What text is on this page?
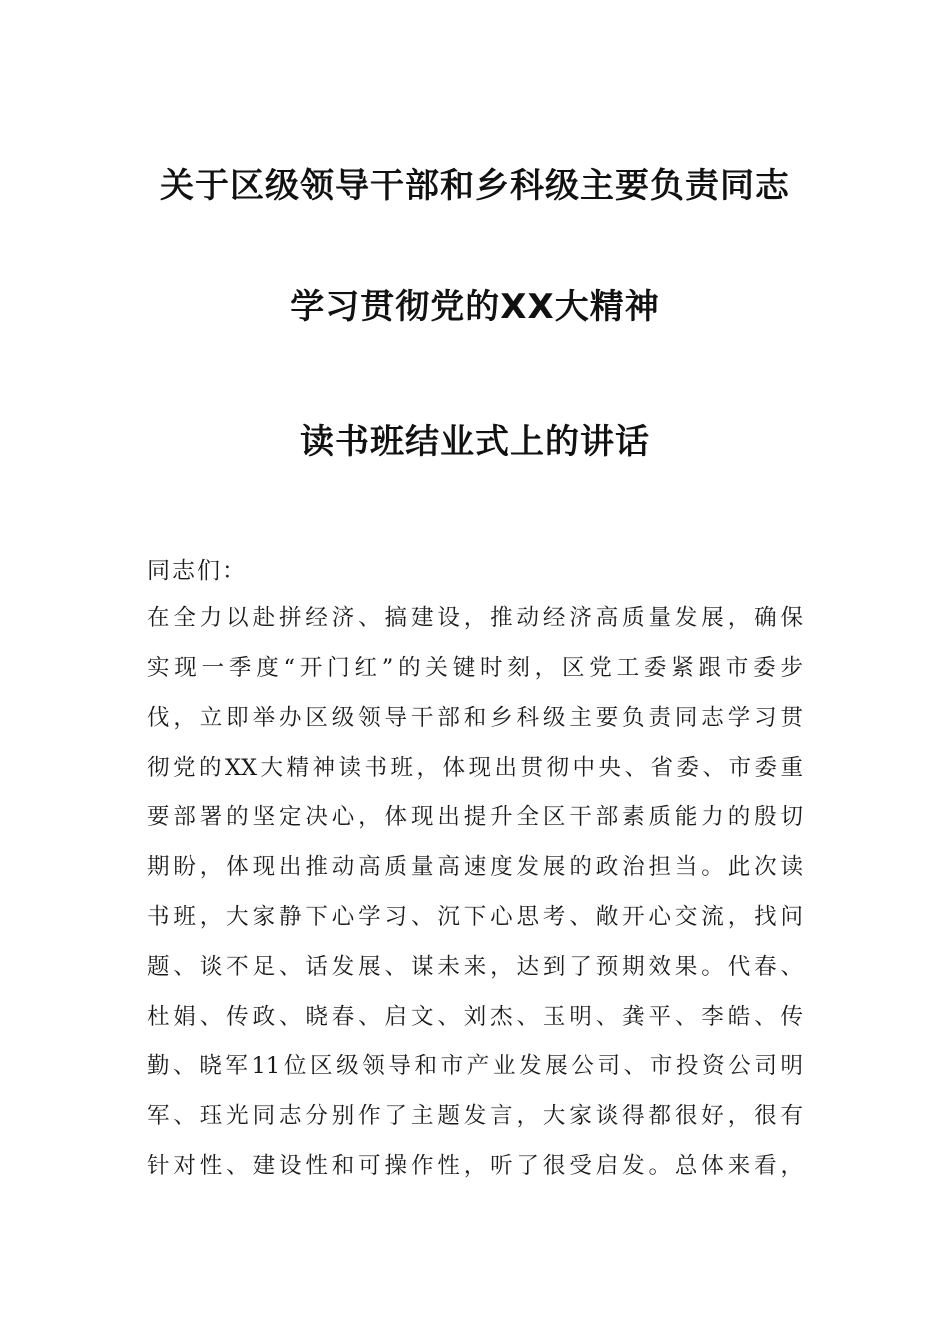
关于区级领导干部和乡科级主要负责同志
学习贯彻党的XX大精神
读书班结业式上的讲话
同志们：
在全力以赴拼经济、搞建设，推动经济高质量发展，确保
实现一季度“开门红”的关键时刻，区党工委紧跟市委步
伐，立即举办区级领导干部和乡科级主要负责同志学习贯
彻党的XX大精神读书班，体现出贯彻中央、省委、市委重
要部署的坚定决心，体现出提升全区干部素质能力的殷切
期盼，体现出推动高质量高速度发展的政治担当。此次读
书班，大家静下心学习、沉下心思考、敞开心交流，找问
题、谈不足、话发展、谋未来，达到了预期效果。代春、
杜娟、传政、晓春、启文、刘杰、玉明、龚平、李皓、传
勤、晓军11位区级领导和市产业发展公司、市投资公司明
军、珏光同志分别作了主题发言，大家谈得都很好，很有
针对性、建设性和可操作性，听了很受启发。总体来看，
